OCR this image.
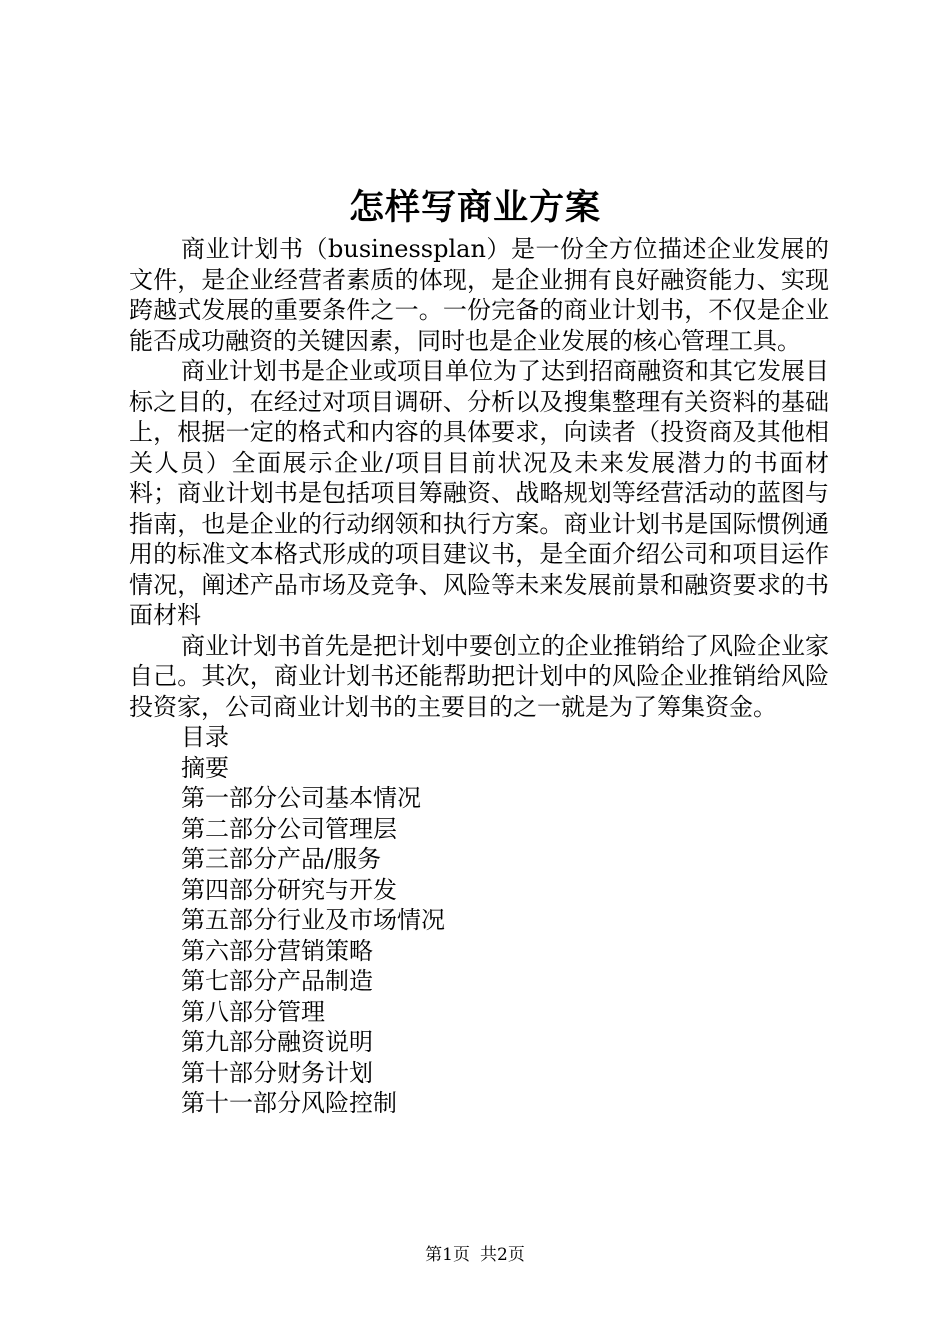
怎样写商业方案

商业计划书（businessplan）是一份全方位描述企业发展的文件，是企业经营者素质的体现，是企业拥有良好融资能力、实现跨越式发展的重要条件之一。一份完备的商业计划书，不仅是企业能否成功融资的关键因素，同时也是企业发展的核心管理工具。

商业计划书是企业或项目单位为了达到招商融资和其它发展目标之目的，在经过对项目调研、分析以及搜集整理有关资料的基础上，根据一定的格式和内容的具体要求，向读者（投资商及其他相关人员）全面展示企业/项目目前状况及未来发展潜力的书面材料；商业计划书是包括项目筹融资、战略规划等经营活动的蓝图与指南，也是企业的行动纲领和执行方案。商业计划书是国际惯例通用的标准文本格式形成的项目建议书，是全面介绍公司和项目运作情况，阐述产品市场及竞争、风险等未来发展前景和融资要求的书面材料

商业计划书首先是把计划中要创立的企业推销给了风险企业家自己。其次，商业计划书还能帮助把计划中的风险企业推销给风险投资家，公司商业计划书的主要目的之一就是为了筹集资金。

目录
摘要
第一部分公司基本情况
第二部分公司管理层
第三部分产品/服务
第四部分研究与开发
第五部分行业及市场情况
第六部分营销策略
第七部分产品制造
第八部分管理
第九部分融资说明
第十部分财务计划
第十一部分风险控制
第1页 共2页
